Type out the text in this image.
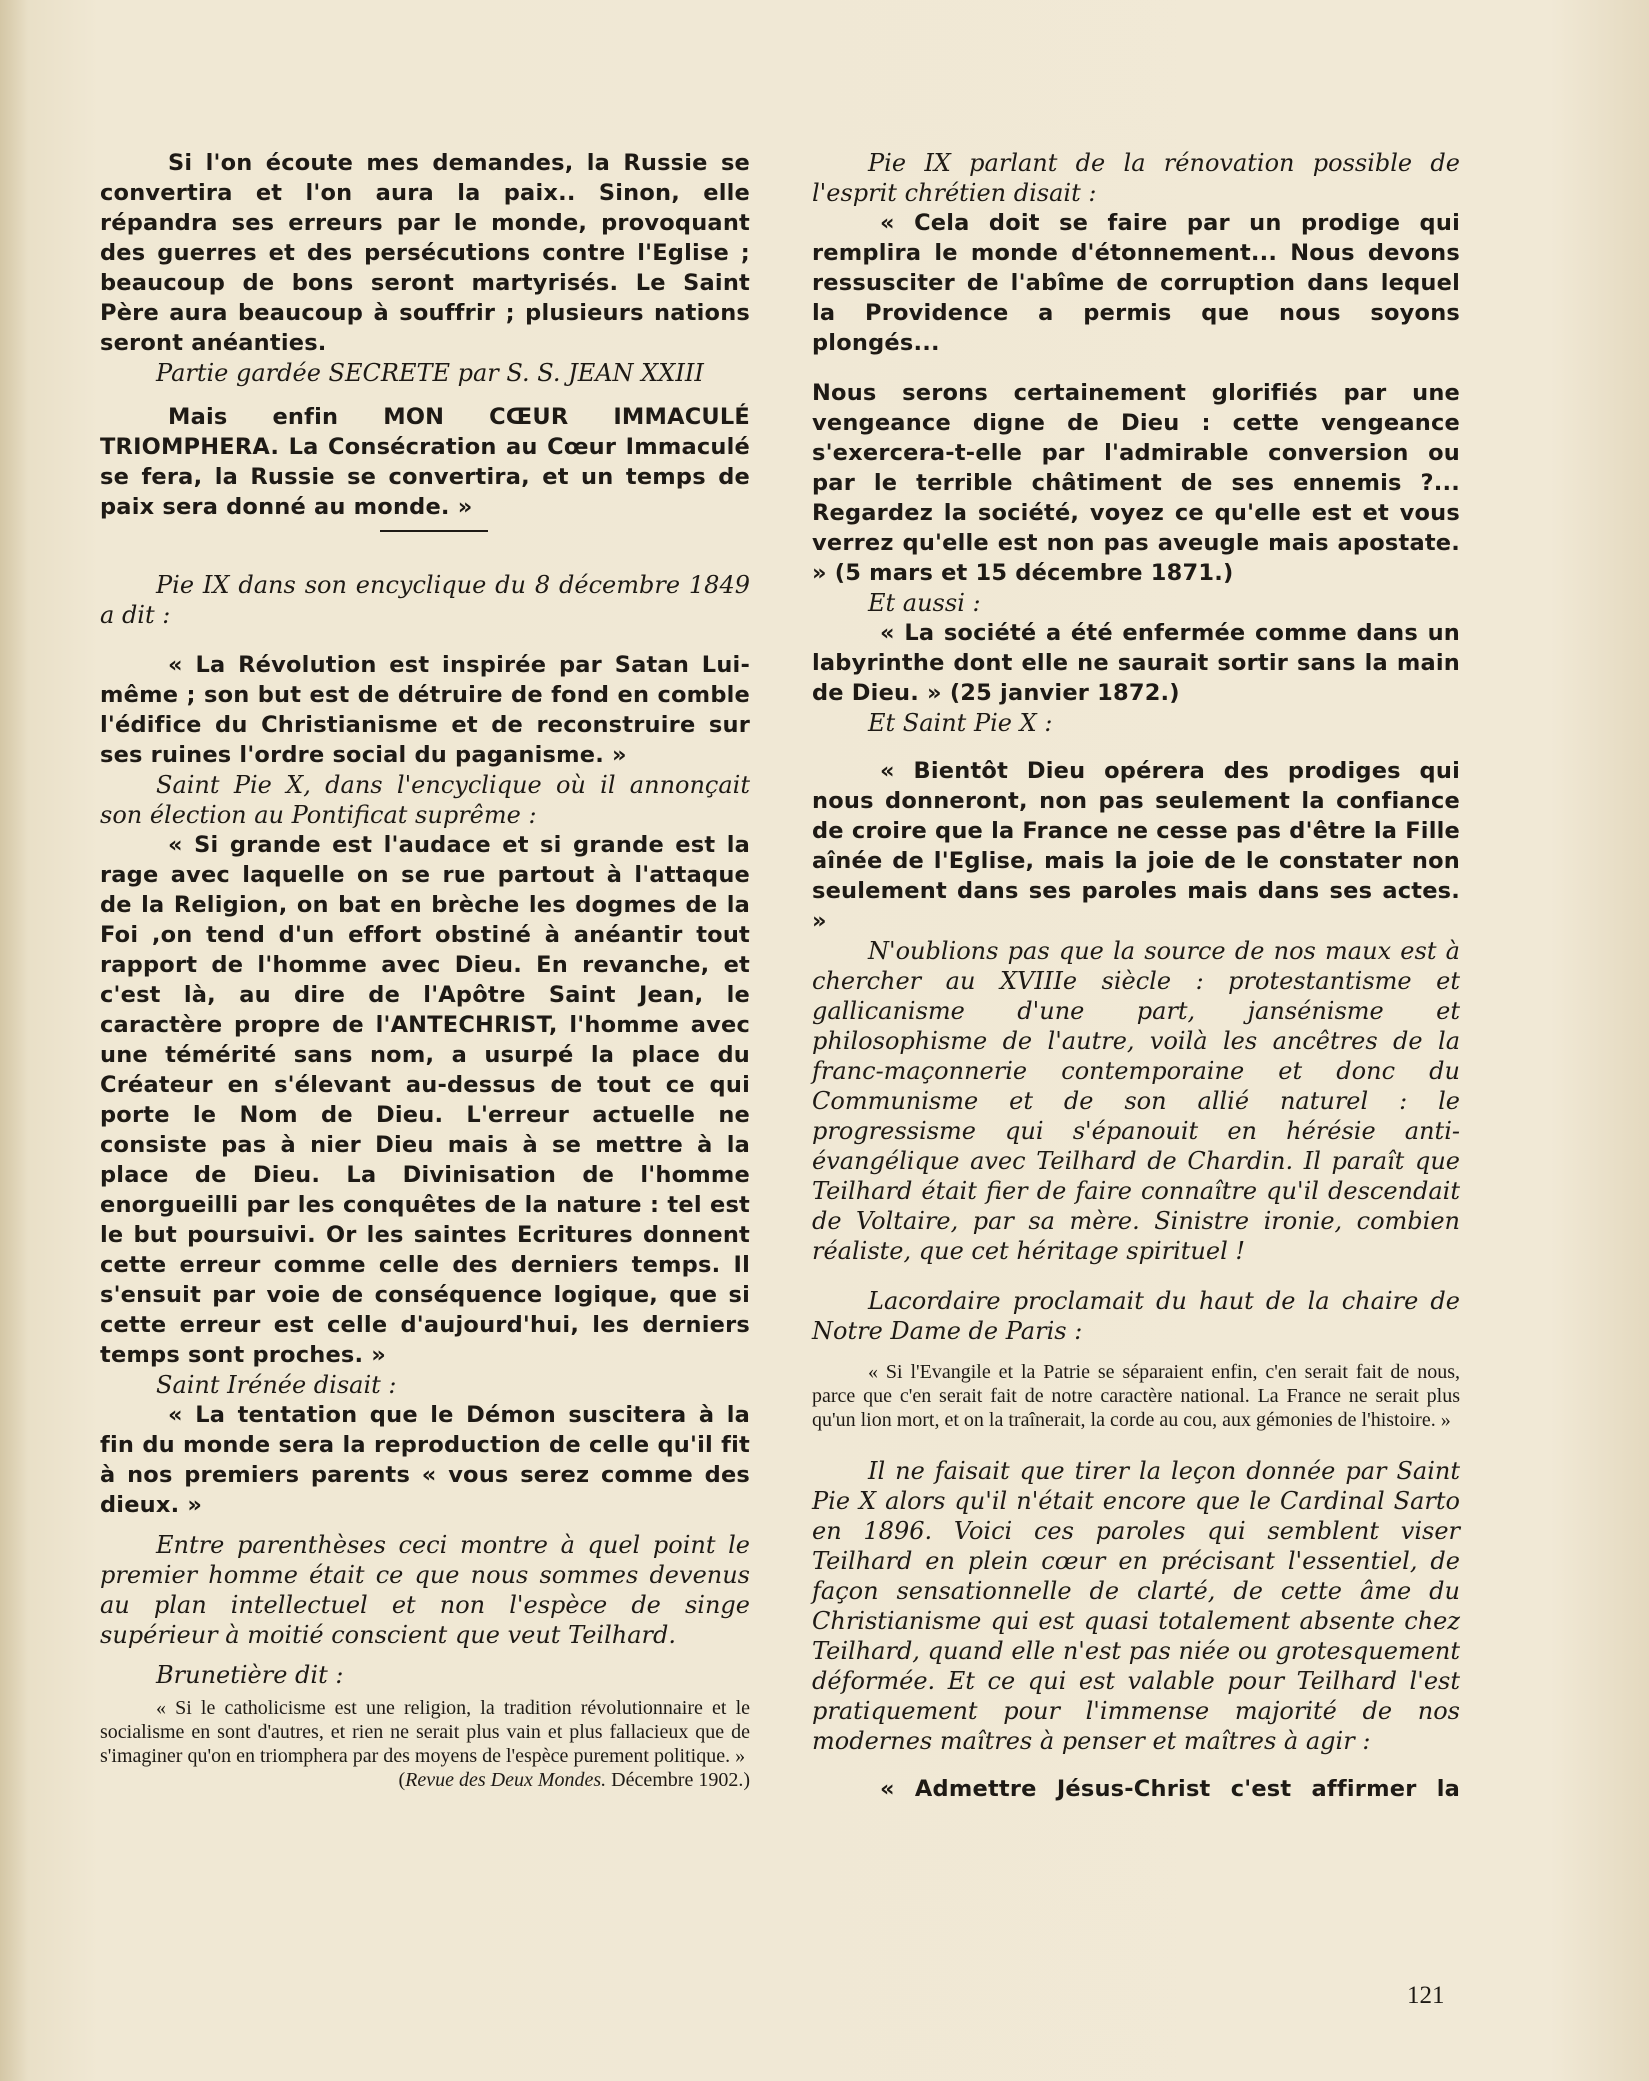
Si l'on écoute mes demandes, la Russie se convertira et l'on aura la paix.. Sinon, elle répandra ses erreurs par le monde, provoquant des guerres et des persécutions contre l'Eglise ; beaucoup de bons seront martyrisés. Le Saint Père aura beaucoup à souffrir ; plusieurs nations seront anéanties.

Partie gardée SECRETE par S. S. JEAN XXIII

Mais enfin MON CŒUR IMMACULÉ TRIOMPHERA. La Consécration au Cœur Immaculé se fera, la Russie se convertira, et un temps de paix sera donné au monde. »

Pie IX dans son encyclique du 8 décembre 1849 a dit :

« La Révolution est inspirée par Satan Lui-même ; son but est de détruire de fond en comble l'édifice du Christianisme et de reconstruire sur ses ruines l'ordre social du paganisme. »

Saint Pie X, dans l'encyclique où il annonçait son élection au Pontificat suprême :

« Si grande est l'audace et si grande est la rage avec laquelle on se rue partout à l'attaque de la Religion, on bat en brèche les dogmes de la Foi ,on tend d'un effort obstiné à anéantir tout rapport de l'homme avec Dieu. En revanche, et c'est là, au dire de l'Apôtre Saint Jean, le caractère propre de l'ANTECHRIST, l'homme avec une témérité sans nom, a usurpé la place du Créateur en s'élevant au-dessus de tout ce qui porte le Nom de Dieu. L'erreur actuelle ne consiste pas à nier Dieu mais à se mettre à la place de Dieu. La Divinisation de l'homme enorgueilli par les conquêtes de la nature : tel est le but poursuivi. Or les saintes Ecritures donnent cette erreur comme celle des derniers temps. Il s'ensuit par voie de conséquence logique, que si cette erreur est celle d'aujourd'hui, les derniers temps sont proches. »

Saint Irénée disait :

« La tentation que le Démon suscitera à la fin du monde sera la reproduction de celle qu'il fit à nos premiers parents « vous serez comme des dieux. »

Entre parenthèses ceci montre à quel point le premier homme était ce que nous sommes devenus au plan intellectuel et non l'espèce de singe supérieur à moitié conscient que veut Teilhard.

Brunetière dit :

« Si le catholicisme est une religion, la tradition révolutionnaire et le socialisme en sont d'autres, et rien ne serait plus vain et plus fallacieux que de s'imaginer qu'on en triomphera par des moyens de l'espèce purement politique. »

(Revue des Deux Mondes. Décembre 1902.)

Pie IX parlant de la rénovation possible de l'esprit chrétien disait :

« Cela doit se faire par un prodige qui remplira le monde d'étonnement... Nous devons ressusciter de l'abîme de corruption dans lequel la Providence a permis que nous soyons plongés...

Nous serons certainement glorifiés par une vengeance digne de Dieu : cette vengeance s'exercera-t-elle par l'admirable conversion ou par le terrible châtiment de ses ennemis ?... Regardez la société, voyez ce qu'elle est et vous verrez qu'elle est non pas aveugle mais apostate. » (5 mars et 15 décembre 1871.)

Et aussi :

« La société a été enfermée comme dans un labyrinthe dont elle ne saurait sortir sans la main de Dieu. » (25 janvier 1872.)

Et Saint Pie X :

« Bientôt Dieu opérera des prodiges qui nous donneront, non pas seulement la confiance de croire que la France ne cesse pas d'être la Fille aînée de l'Eglise, mais la joie de le constater non seulement dans ses paroles mais dans ses actes. »

N'oublions pas que la source de nos maux est à chercher au XVIIIe siècle : protestantisme et gallicanisme d'une part, jansénisme et philosophisme de l'autre, voilà les ancêtres de la franc-maçonnerie contemporaine et donc du Communisme et de son allié naturel : le progressisme qui s'épanouit en hérésie anti-évangélique avec Teilhard de Chardin. Il paraît que Teilhard était fier de faire connaître qu'il descendait de Voltaire, par sa mère. Sinistre ironie, combien réaliste, que cet héritage spirituel !

Lacordaire proclamait du haut de la chaire de Notre Dame de Paris :

« Si l'Evangile et la Patrie se séparaient enfin, c'en serait fait de nous, parce que c'en serait fait de notre caractère national. La France ne serait plus qu'un lion mort, et on la traînerait, la corde au cou, aux gémonies de l'histoire. »

Il ne faisait que tirer la leçon donnée par Saint Pie X alors qu'il n'était encore que le Cardinal Sarto en 1896. Voici ces paroles qui semblent viser Teilhard en plein cœur en précisant l'essentiel, de façon sensationnelle de clarté, de cette âme du Christianisme qui est quasi totalement absente chez Teilhard, quand elle n'est pas niée ou grotesquement déformée. Et ce qui est valable pour Teilhard l'est pratiquement pour l'immense majorité de nos modernes maîtres à penser et maîtres à agir :

« Admettre Jésus-Christ c'est affirmer la

121
